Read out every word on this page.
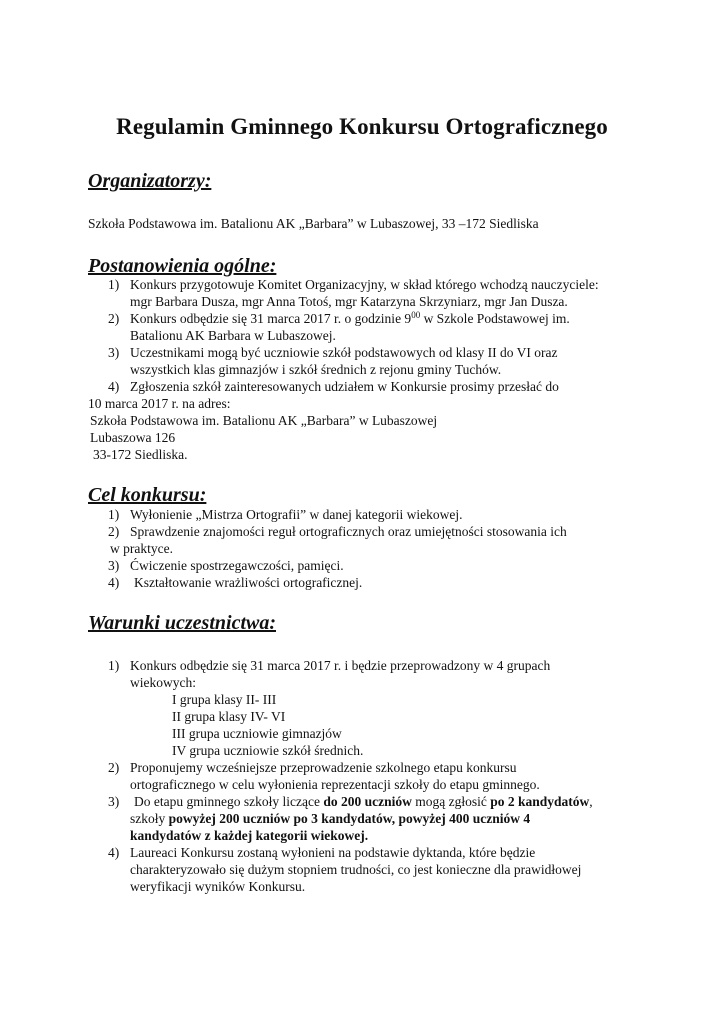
Regulamin Gminnego Konkursu Ortograficznego
Organizatorzy:
Szkoła Podstawowa im. Batalionu AK „Barbara” w Lubaszowej, 33 –172 Siedliska
Postanowienia ogólne:
1) Konkurs przygotowuje Komitet Organizacyjny, w skład którego wchodzą nauczyciele:
mgr Barbara Dusza, mgr Anna Totoś, mgr Katarzyna Skrzyniarz, mgr Jan Dusza.
2) Konkurs odbędzie się 31 marca 2017 r. o godzinie $9^{00}$ w Szkole Podstawowej im.
Batalionu AK Barbara w Lubaszowej.
3) Uczestnikami mogą być uczniowie szkół podstawowych od klasy II do VI oraz
wszystkich klas gimnazjów i szkół średnich z rejonu gminy Tuchów.
4) Zgłoszenia szkół zainteresowanych udziałem w Konkursie prosimy przesłać do
10 marca 2017 r. na adres:
Szkoła Podstawowa im. Batalionu AK „Barbara” w Lubaszowej
Lubaszowa 126
33-172 Siedliska.
Cel konkursu:
1) Wyłonienie „Mistrza Ortografii” w danej kategorii wiekowej.
2) Sprawdzenie znajomości reguł ortograficznych oraz umiejętności stosowania ich
w praktyce.
3) Ćwiczenie spostrzegawczości, pamięci.
4) Kształtowanie wrażliwości ortograficznej.
Warunki uczestnictwa:
1) Konkurs odbędzie się 31 marca 2017 r. i będzie przeprowadzony w 4 grupach
wiekowych:
I grupa klasy II- III
II grupa klasy IV- VI
III grupa uczniowie gimnazjów
IV grupa uczniowie szkół średnich.
2) Proponujemy wcześniejsze przeprowadzenie szkolnego etapu konkursu
ortograficznego w celu wyłonienia reprezentacji szkoły do etapu gminnego.
3) Do etapu gminnego szkoły liczące do 200 uczniów mogą zgłosić po 2 kandydatów,
szkoły powyżej 200 uczniów po 3 kandydatów, powyżej 400 uczniów 4
kandydatów z każdej kategorii wiekowej.
4) Laureaci Konkursu zostaną wyłonieni na podstawie dyktanda, które będzie
charakteryzowało się dużym stopniem trudności, co jest konieczne dla prawidłowej
weryfikacji wyników Konkursu.
